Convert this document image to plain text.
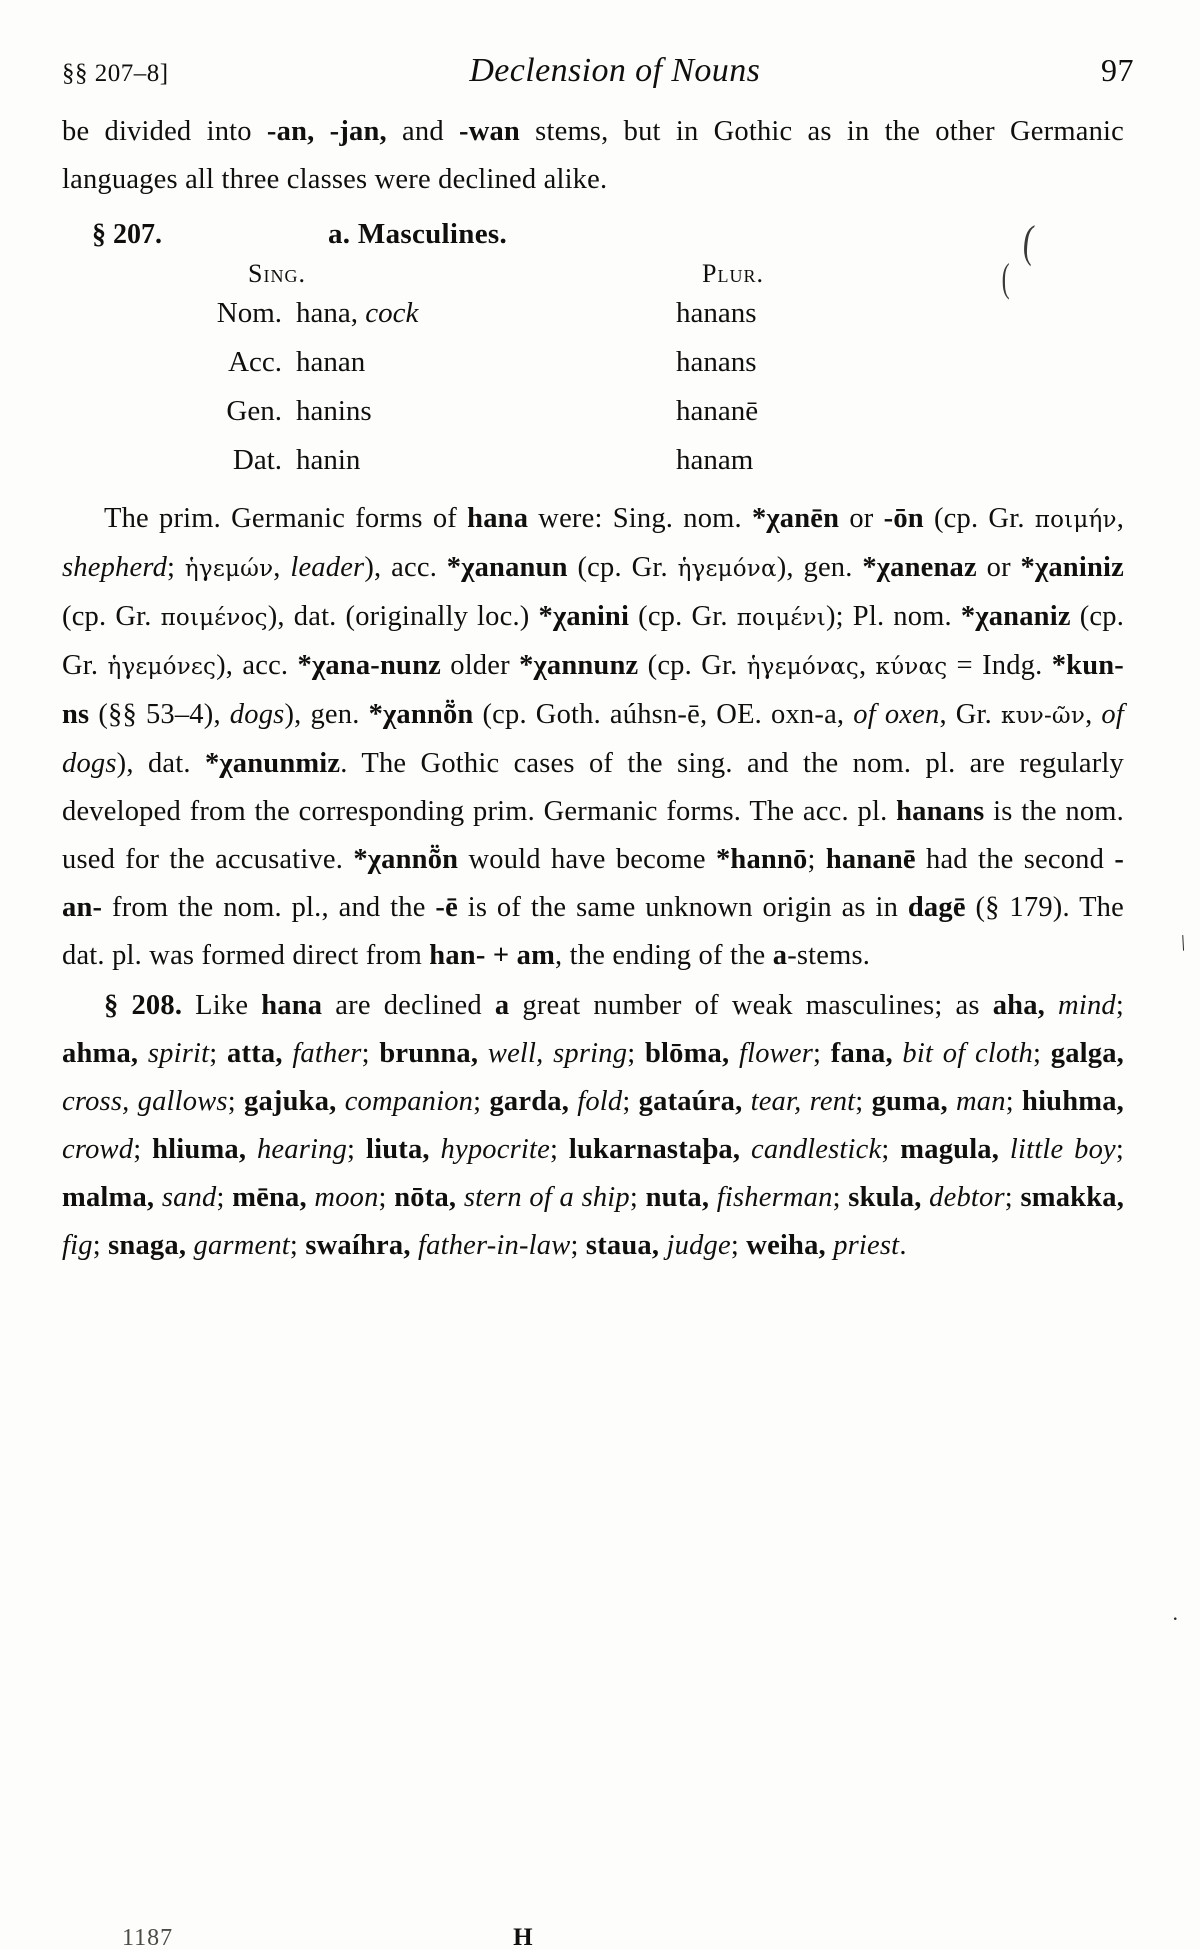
§§ 207–8]	Declension of Nouns	97

be divided into -an, -jan, and -wan stems, but in Gothic as in the other Germanic languages all three classes were declined alike.

§ 207.	a. Masculines.
Sing.	Plur.
Nom. hana, cock	hanans
Acc. hanan	hanans
Gen. hanins	hananē
Dat. hanin	hanam
(
(

The prim. Germanic forms of hana were: Sing. nom. *χanēn or -ōn (cp. Gr. ποιμήν, shepherd; ἡγεμών, leader), acc. *χananun (cp. Gr. ἡγεμόνα), gen. *χanenaz or *χaniniz (cp. Gr. ποιμένος), dat. (originally loc.) *χanini (cp. Gr. ποιμένι); Pl. nom. *χananiz (cp. Gr. ἡγεμόνες), acc. *χana-nunz older *χannunz (cp. Gr. ἡγεμόνας, κύνας = Indg. *kun-ns (§§ 53–4), dogs), gen. *χannṏn (cp. Goth. aúhsn-ē, OE. oxn-a, of oxen, Gr. κυν-ῶν, of dogs), dat. *χanunmiz. The Gothic cases of the sing. and the nom. pl. are regularly developed from the corresponding prim. Germanic forms. The acc. pl. hanans is the nom. used for the accusative. *χannṏn would have become *hannō; hananē had the second -an- from the nom. pl., and the -ē is of the same unknown origin as in dagē (§ 179). The dat. pl. was formed direct from han- + am, the ending of the a-stems.

§ 208. Like hana are declined a great number of weak masculines; as aha, mind; ahma, spirit; atta, father; brunna, well, spring; blōma, flower; fana, bit of cloth; galga, cross, gallows; gajuka, companion; garda, fold; gataúra, tear, rent; guma, man; hiuhma, crowd; hliuma, hearing; liuta, hypocrite; lukarnastaþa, candlestick; magula, little boy; malma, sand; mēna, moon; nōta, stern of a ship; nuta, fisherman; skula, debtor; smakka, fig; snaga, garment; swaíhra, father-in-law; staua, judge; weiha, priest.

1187	H
\
.
